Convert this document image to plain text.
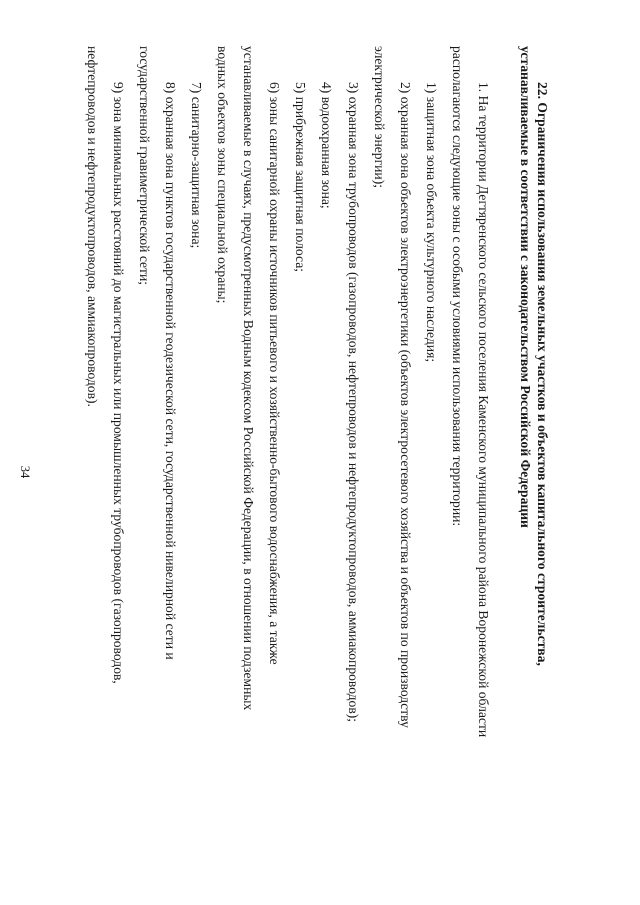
34

22. Ограничения использования земельных участков и объектов капитального строительства,
устанавливаемые в соответствии с законодательством Российской Федерации

1. На территории Дегтяренского сельского поселения Каменского муниципального района Воронежской области

располагаются следующие зоны с особыми условиями использования территории:

1) защитная зона объекта культурного наследия;

2) охранная зона объектов электроэнергетики (объектов электросетевого хозяйства и объектов по производству

электрической энергии);

3) охранная зона трубопроводов (газопроводов, нефтепроводов и нефтепродуктопроводов, аммиакопроводов);

4) водоохранная зона;

5) прибрежная защитная полоса;

6) зоны санитарной охраны источников питьевого и хозяйственно-бытового водоснабжения, а также

устанавливаемые в случаях, предусмотренных Водным кодексом Российской Федерации, в отношении подземных

водных объектов зоны специальной охраны;

7) санитарно-защитная зона;

8) охранная зона пунктов государственной геодезической сети, государственной нивелирной сети и

государственной гравиметрической сети;

9) зона минимальных расстояний до магистральных или промышленных трубопроводов (газопроводов,

нефтепроводов и нефтепродуктопроводов, аммиакопроводов).
